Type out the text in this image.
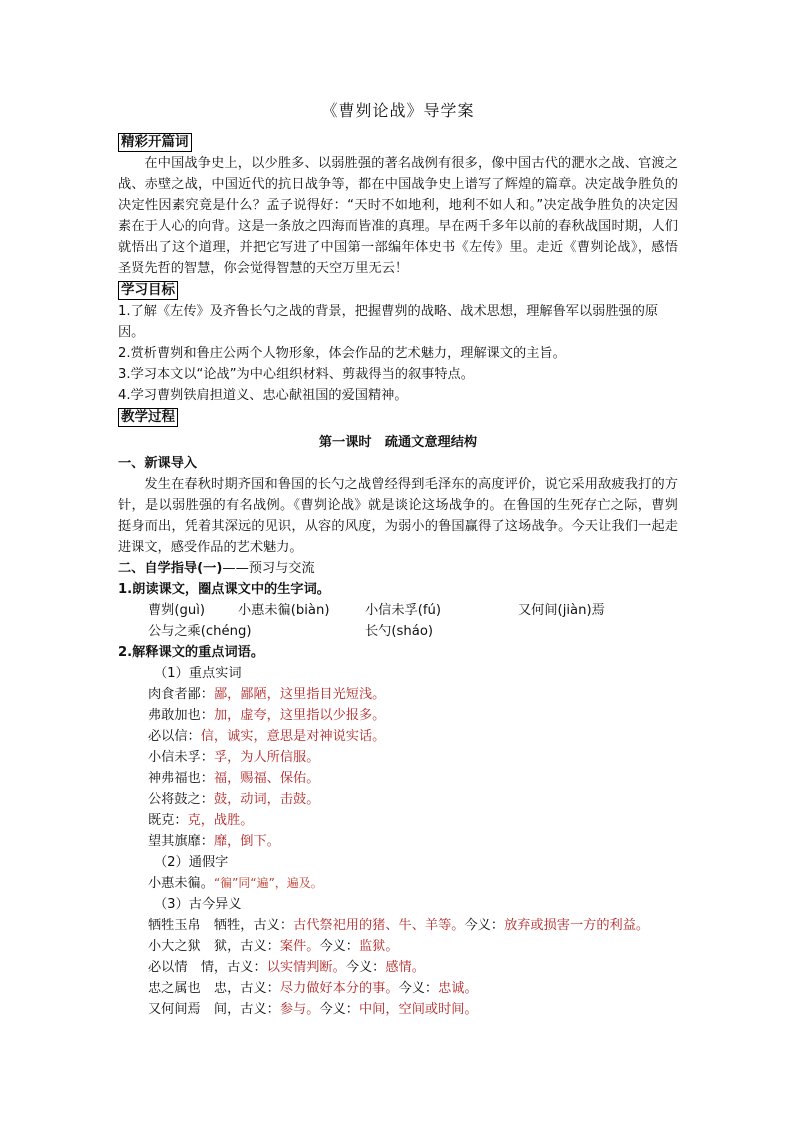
《曹刿论战》导学案

精彩开篇词

在中国战争史上，以少胜多、以弱胜强的著名战例有很多，像中国古代的淝水之战、官渡之战、赤壁之战，中国近代的抗日战争等，都在中国战争史上谱写了辉煌的篇章。决定战争胜负的决定性因素究竟是什么？孟子说得好：“天时不如地利，地利不如人和。”决定战争胜负的决定因素在于人心的向背。这是一条放之四海而皆准的真理。早在两千多年以前的春秋战国时期，人们就悟出了这个道理，并把它写进了中国第一部编年体史书《左传》里。走近《曹刿论战》，感悟圣贤先哲的智慧，你会觉得智慧的天空万里无云！

学习目标

1.了解《左传》及齐鲁长勺之战的背景，把握曹刿的战略、战术思想，理解鲁军以弱胜强的原因。

2.赏析曹刿和鲁庄公两个人物形象，体会作品的艺术魅力，理解课文的主旨。

3.学习本文以“论战”为中心组织材料、剪裁得当的叙事特点。

4.学习曹刿铁肩担道义、忠心献祖国的爱国精神。

教学过程

第一课时　疏通文意理结构

一、新课导入

发生在春秋时期齐国和鲁国的长勺之战曾经得到毛泽东的高度评价，说它采用敌疲我打的方针，是以弱胜强的有名战例。《曹刿论战》就是谈论这场战争的。在鲁国的生死存亡之际，曹刿挺身而出，凭着其深远的见识，从容的风度，为弱小的鲁国赢得了这场战争。今天让我们一起走进课文，感受作品的艺术魅力。

二、自学指导(一)——预习与交流

1.朗读课文，圈点课文中的生字词。

曹刿(guì) 小惠未徧(biàn)	小信未孚(fú)	又何间(jiàn)焉
公与之乘(chéng)	长勺(sháo)

2.解释课文的重点词语。

（1）重点实词

肉食者鄙：鄙，鄙陋，这里指目光短浅。

弗敢加也：加，虚夸，这里指以少报多。

必以信：信，诚实，意思是对神说实话。

小信未孚：孚，为人所信服。

神弗福也：福，赐福、保佑。

公将鼓之：鼓，动词，击鼓。

既克：克，战胜。

望其旗靡：靡，倒下。

（2）通假字

小惠未徧。“徧”同“遍”，遍及。

（3）古今异义

牺牲玉帛　牺牲，古义：古代祭祀用的猪、牛、羊等。今义：放弃或损害一方的利益。

小大之狱　狱，古义：案件。今义：监狱。

必以情　情，古义：以实情判断。今义：感情。

忠之属也　忠，古义：尽力做好本分的事。今义：忠诚。

又何间焉　间，古义：参与。今义：中间，空间或时间。
